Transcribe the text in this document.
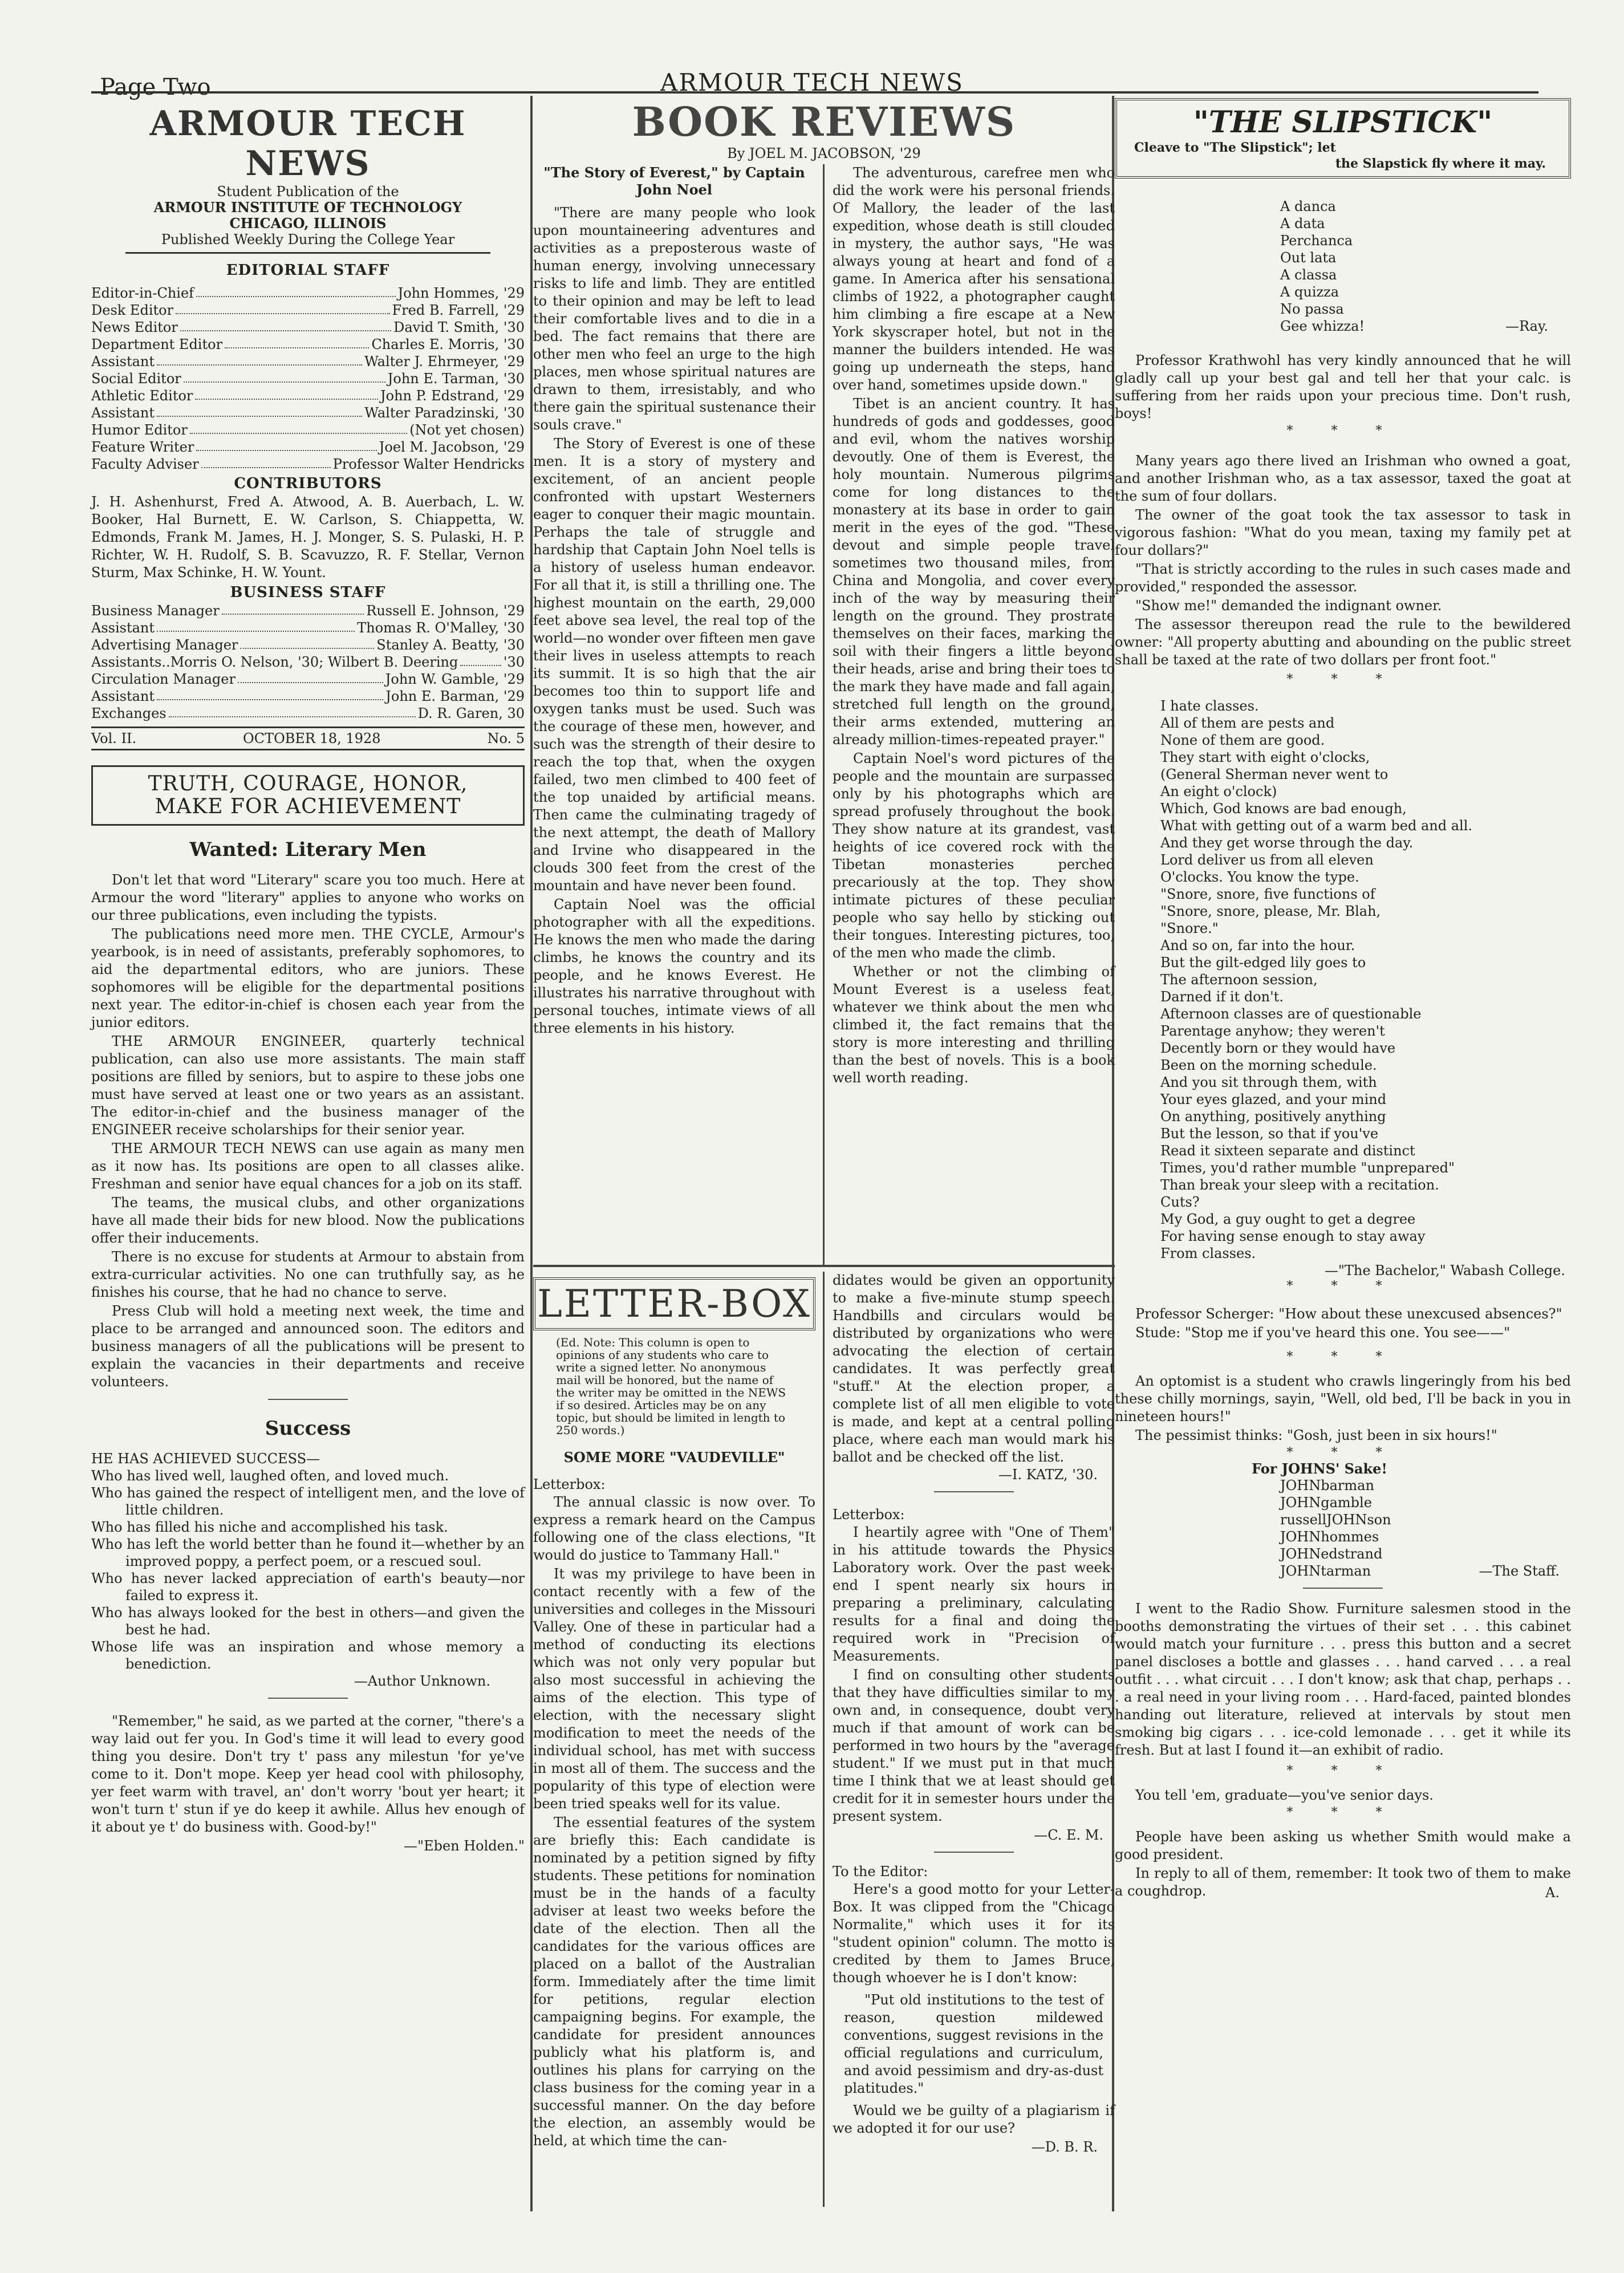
Page Two	ARMOUR TECH NEWS
ARMOUR TECH NEWS
Student Publication of the
ARMOUR INSTITUTE OF TECHNOLOGY
CHICAGO, ILLINOIS
Published Weekly During the College Year
EDITORIAL STAFF
Editor-in-Chief	John Hommes, '29
Desk Editor	Fred B. Farrell, '29
News Editor	David T. Smith, '30
Department Editor	Charles E. Morris, '30
Assistant	Walter J. Ehrmeyer, '29
Social Editor	John E. Tarman, '30
Athletic Editor	John P. Edstrand, '29
Assistant	Walter Paradzinski, '30
Humor Editor	(Not yet chosen)
Feature Writer	Joel M. Jacobson, '29
Faculty Adviser	Professor Walter Hendricks
CONTRIBUTORS

J. H. Ashenhurst, Fred A. Atwood, A. B. Auerbach, L. W. Booker, Hal Burnett, E. W. Carlson, S. Chiappetta, W. Edmonds, Frank M. James, H. J. Monger, S. S. Pulaski, H. P. Richter, W. H. Rudolf, S. B. Scavuzzo, R. F. Stellar, Vernon Sturm, Max Schinke, H. W. Yount.

BUSINESS STAFF
Business Manager	Russell E. Johnson, '29
Assistant	Thomas R. O'Malley, '30
Advertising Manager	Stanley A. Beatty, '30
Assistants..Morris O. Nelson, '30; Wilbert B. Deering	'30
Circulation Manager	John W. Gamble, '29
Assistant	John E. Barman, '29
Exchanges	D. R. Garen, 30
Vol. II.	OCTOBER 18, 1928	No. 5
TRUTH, COURAGE, HONOR,
MAKE FOR ACHIEVEMENT
Wanted: Literary Men

Don't let that word "Literary" scare you too much. Here at Armour the word "literary" applies to anyone who works on our three publications, even including the typists.

The publications need more men. THE CYCLE, Armour's yearbook, is in need of assistants, preferably sophomores, to aid the departmental editors, who are juniors. These sophomores will be eligible for the departmental positions next year. The editor-in-chief is chosen each year from the junior editors.

THE ARMOUR ENGINEER, quarterly technical publication, can also use more assistants. The main staff positions are filled by seniors, but to aspire to these jobs one must have served at least one or two years as an assistant. The editor-in-chief and the business manager of the ENGINEER receive scholarships for their senior year.

THE ARMOUR TECH NEWS can use again as many men as it now has. Its positions are open to all classes alike. Freshman and senior have equal chances for a job on its staff.

The teams, the musical clubs, and other organizations have all made their bids for new blood. Now the publications offer their inducements.

There is no excuse for students at Armour to abstain from extra-curricular activities. No one can truthfully say, as he finishes his course, that he had no chance to serve.

Press Club will hold a meeting next week, the time and place to be arranged and announced soon. The editors and business managers of all the publications will be present to explain the vacancies in their departments and receive volunteers.

Success
HE HAS ACHIEVED SUCCESS—

Who has lived well, laughed often, and loved much.

Who has gained the respect of intelligent men, and the love of little children.

Who has filled his niche and accomplished his task.

Who has left the world better than he found it—whether by an improved poppy, a perfect poem, or a rescued soul.

Who has never lacked appreciation of earth's beauty—nor failed to express it.

Who has always looked for the best in others—and given the best he had.

Whose life was an inspiration and whose memory a benediction.

—Author Unknown.

"Remember," he said, as we parted at the corner, "there's a way laid out fer you. In God's time it will lead to every good thing you desire. Don't try t' pass any milestun 'for ye've come to it. Don't mope. Keep yer head cool with philosophy, yer feet warm with travel, an' don't worry 'bout yer heart; it won't turn t' stun if ye do keep it awhile. Allus hev enough of it about ye t' do business with. Good-by!"

—"Eben Holden."
BOOK REVIEWS
By JOEL M. JACOBSON, '29
"The Story of Everest," by Captain
John Noel

"There are many people who look upon mountaineering adventures and activities as a preposterous waste of human energy, involving unnecessary risks to life and limb. They are entitled to their opinion and may be left to lead their comfortable lives and to die in a bed. The fact remains that there are other men who feel an urge to the high places, men whose spiritual natures are drawn to them, irresistably, and who there gain the spiritual sustenance their souls crave."

The Story of Everest is one of these men. It is a story of mystery and excitement, of an ancient people confronted with upstart Westerners eager to conquer their magic mountain. Perhaps the tale of struggle and hardship that Captain John Noel tells is a history of useless human endeavor. For all that it, is still a thrilling one. The highest mountain on the earth, 29,000 feet above sea level, the real top of the world—no wonder over fifteen men gave their lives in useless attempts to reach its summit. It is so high that the air becomes too thin to support life and oxygen tanks must be used. Such was the courage of these men, however, and such was the strength of their desire to reach the top that, when the oxygen failed, two men climbed to 400 feet of the top unaided by artificial means. Then came the culminating tragedy of the next attempt, the death of Mallory and Irvine who disappeared in the clouds 300 feet from the crest of the mountain and have never been found.

Captain Noel was the official photographer with all the expeditions. He knows the men who made the daring climbs, he knows the country and its people, and he knows Everest. He illustrates his narrative throughout with personal touches, intimate views of all three elements in his history.

The adventurous, carefree men who did the work were his personal friends. Of Mallory, the leader of the last expedition, whose death is still clouded in mystery, the author says, "He was always young at heart and fond of a game. In America after his sensational climbs of 1922, a photographer caught him climbing a fire escape at a New York skyscraper hotel, but not in the manner the builders intended. He was going up underneath the steps, hand over hand, sometimes upside down."

Tibet is an ancient country. It has hundreds of gods and goddesses, good and evil, whom the natives worship devoutly. One of them is Everest, the holy mountain. Numerous pilgrims come for long distances to the monastery at its base in order to gain merit in the eyes of the god. "These devout and simple people travel sometimes two thousand miles, from China and Mongolia, and cover every inch of the way by measuring their length on the ground. They prostrate themselves on their faces, marking the soil with their fingers a little beyond their heads, arise and bring their toes to the mark they have made and fall again, stretched full length on the ground, their arms extended, muttering an already million-times-repeated prayer."

Captain Noel's word pictures of the people and the mountain are surpassed only by his photographs which are spread profusely throughout the book. They show nature at its grandest, vast heights of ice covered rock with the Tibetan monasteries perched precariously at the top. They show intimate pictures of these peculiar people who say hello by sticking out their tongues. Interesting pictures, too, of the men who made the climb.

Whether or not the climbing of Mount Everest is a useless feat, whatever we think about the men who climbed it, the fact remains that the story is more interesting and thrilling than the best of novels. This is a book well worth reading.

LETTER-BOX
(Ed. Note: This column is open to opinions of any students who care to write a signed letter. No anonymous mail will be honored, but the name of the writer may be omitted in the NEWS if so desired. Articles may be on any topic, but should be limited in length to 250 words.)
SOME MORE "VAUDEVILLE"
Letterbox:

The annual classic is now over. To express a remark heard on the Campus following one of the class elections, "It would do justice to Tammany Hall."

It was my privilege to have been in contact recently with a few of the universities and colleges in the Missouri Valley. One of these in particular had a method of conducting its elections which was not only very popular but also most successful in achieving the aims of the election. This type of election, with the necessary slight modification to meet the needs of the individual school, has met with success in most all of them. The success and the popularity of this type of election were been tried speaks well for its value.

The essential features of the system are briefly this: Each candidate is nominated by a petition signed by fifty students. These petitions for nomination must be in the hands of a faculty adviser at least two weeks before the date of the election. Then all the candidates for the various offices are placed on a ballot of the Australian form. Immediately after the time limit for petitions, regular election campaigning begins. For example, the candidate for president announces publicly what his platform is, and outlines his plans for carrying on the class business for the coming year in a successful manner. On the day before the election, an assembly would be held, at which time the can-

didates would be given an opportunity to make a five-minute stump speech. Handbills and circulars would be distributed by organizations who were advocating the election of certain candidates. It was perfectly great "stuff." At the election proper, a complete list of all men eligible to vote is made, and kept at a central polling place, where each man would mark his ballot and be checked off the list.

—I. KATZ, '30.
Letterbox:

I heartily agree with "One of Them" in his attitude towards the Physics Laboratory work. Over the past week-end I spent nearly six hours in preparing a preliminary, calculating results for a final and doing the required work in "Precision of Measurements.

I find on consulting other students that they have difficulties similar to my own and, in consequence, doubt very much if that amount of work can be performed in two hours by the "average student." If we must put in that much time I think that we at least should get credit for it in semester hours under the present system.

—C. E. M.
To the Editor:

Here's a good motto for your Letter-Box. It was clipped from the "Chicago Normalite," which uses it for its "student opinion" column. The motto is credited by them to James Bruce, though whoever he is I don't know:

"Put old institutions to the test of reason, question mildewed conventions, suggest revisions in the official regulations and curriculum, and avoid pessimism and dry-as-dust platitudes."

Would we be guilty of a plagiarism if we adopted it for our use?

—D. B. R.
"THE SLIPSTICK"
Cleave to "The Slipstick"; let
the Slapstick fly where it may.

A danca

A data

Perchanca

Out lata

A classa

A quizza

No passa

Gee whizza!	—Ray.

Professor Krathwohl has very kindly announced that he will gladly call up your best gal and tell her that your calc. is suffering from her raids upon your precious time. Don't rush, boys!

* * *

Many years ago there lived an Irishman who owned a goat, and another Irishman who, as a tax assessor, taxed the goat at the sum of four dollars.

The owner of the goat took the tax assessor to task in vigorous fashion: "What do you mean, taxing my family pet at four dollars?"

"That is strictly according to the rules in such cases made and provided," responded the assessor.

"Show me!" demanded the indignant owner.

The assessor thereupon read the rule to the bewildered owner: "All property abutting and abounding on the public street shall be taxed at the rate of two dollars per front foot."

* * *

I hate classes.

All of them are pests and

None of them are good.

They start with eight o'clocks,

(General Sherman never went to

An eight o'clock)

Which, God knows are bad enough,

What with getting out of a warm bed and all.

And they get worse through the day.

Lord deliver us from all eleven

O'clocks. You know the type.

"Snore, snore, five functions of

"Snore, snore, please, Mr. Blah,

"Snore."

And so on, far into the hour.

But the gilt-edged lily goes to

The afternoon session,

Darned if it don't.

Afternoon classes are of questionable

Parentage anyhow; they weren't

Decently born or they would have

Been on the morning schedule.

And you sit through them, with

Your eyes glazed, and your mind

On anything, positively anything

But the lesson, so that if you've

Read it sixteen separate and distinct

Times, you'd rather mumble "unprepared"

Than break your sleep with a recitation.

Cuts?

My God, a guy ought to get a degree

For having sense enough to stay away

From classes.

—"The Bachelor," Wabash College.
* * *

Professor Scherger: "How about these unexcused absences?"

Stude: "Stop me if you've heard this one. You see——"

* * *

An optomist is a student who crawls lingeringly from his bed these chilly mornings, sayin, "Well, old bed, I'll be back in you in nineteen hours!"

The pessimist thinks: "Gosh, just been in six hours!"

* * *
For JOHNS' Sake!

JOHNbarman

JOHNgamble

russellJOHNson

JOHNhommes

JOHNedstrand

JOHNtarman	—The Staff.

I went to the Radio Show. Furniture salesmen stood in the booths demonstrating the virtues of their set . . . this cabinet would match your furniture . . . press this button and a secret panel discloses a bottle and glasses . . . hand carved . . . a real outfit . . . what circuit . . . I don't know; ask that chap, perhaps . . . a real need in your living room . . . Hard-faced, painted blondes handing out literature, relieved at intervals by stout men smoking big cigars . . . ice-cold lemonade . . . get it while its fresh. But at last I found it—an exhibit of radio.

* * *

You tell 'em, graduate—you've senior days.

* * *

People have been asking us whether Smith would make a good president.

In reply to all of them, remember: It took two of them to make a coughdrop.	A.
